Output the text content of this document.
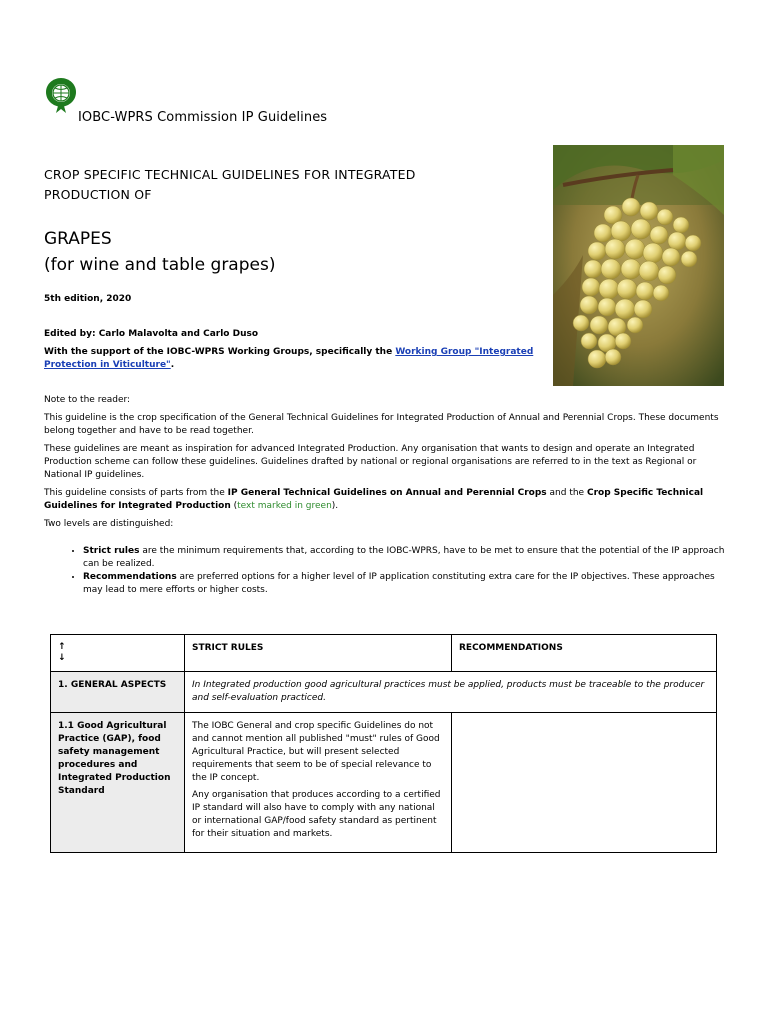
IOBC-WPRS Commission IP Guidelines
CROP SPECIFIC TECHNICAL GUIDELINES FOR INTEGRATED
PRODUCTION OF
GRAPES
(for wine and table grapes)
5th edition, 2020
Edited by: Carlo Malavolta and Carlo Duso
With the support of the IOBC-WPRS Working Groups, specifically the Working Group "Integrated Protection in Viticulture".

Note to the reader:

This guideline is the crop specification of the General Technical Guidelines for Integrated Production of Annual and Perennial Crops. These documents belong together and have to be read together.

These guidelines are meant as inspiration for advanced Integrated Production. Any organisation that wants to design and operate an Integrated Production scheme can follow these guidelines. Guidelines drafted by national or regional organisations are referred to in the text as Regional or National IP guidelines.

This guideline consists of parts from the IP General Technical Guidelines on Annual and Perennial Crops and the Crop Specific Technical Guidelines for Integrated Production (text marked in green).

Two levels are distinguished:

• Strict rules are the minimum requirements that, according to the IOBC-WPRS, have to be met to ensure that the potential of the IP approach can be realized.
• Recommendations are preferred options for a higher level of IP application constituting extra care for the IP objectives. These approaches may lead to mere efforts or higher costs.
↑
↓	STRICT RULES	RECOMMENDATIONS
1. GENERAL ASPECTS	In Integrated production good agricultural practices must be applied, products must be traceable to the producer and self-evaluation practiced.	
1.1 Good Agricultural Practice (GAP), food safety management procedures and Integrated Production Standard	The IOBC General and crop specific Guidelines do not and cannot mention all published "must" rules of Good Agricultural Practice, but will present selected requirements that seem to be of special relevance to the IP concept.

Any organisation that produces according to a certified IP standard will also have to comply with any national or international GAP/food safety standard as pertinent for their situation and markets.	
